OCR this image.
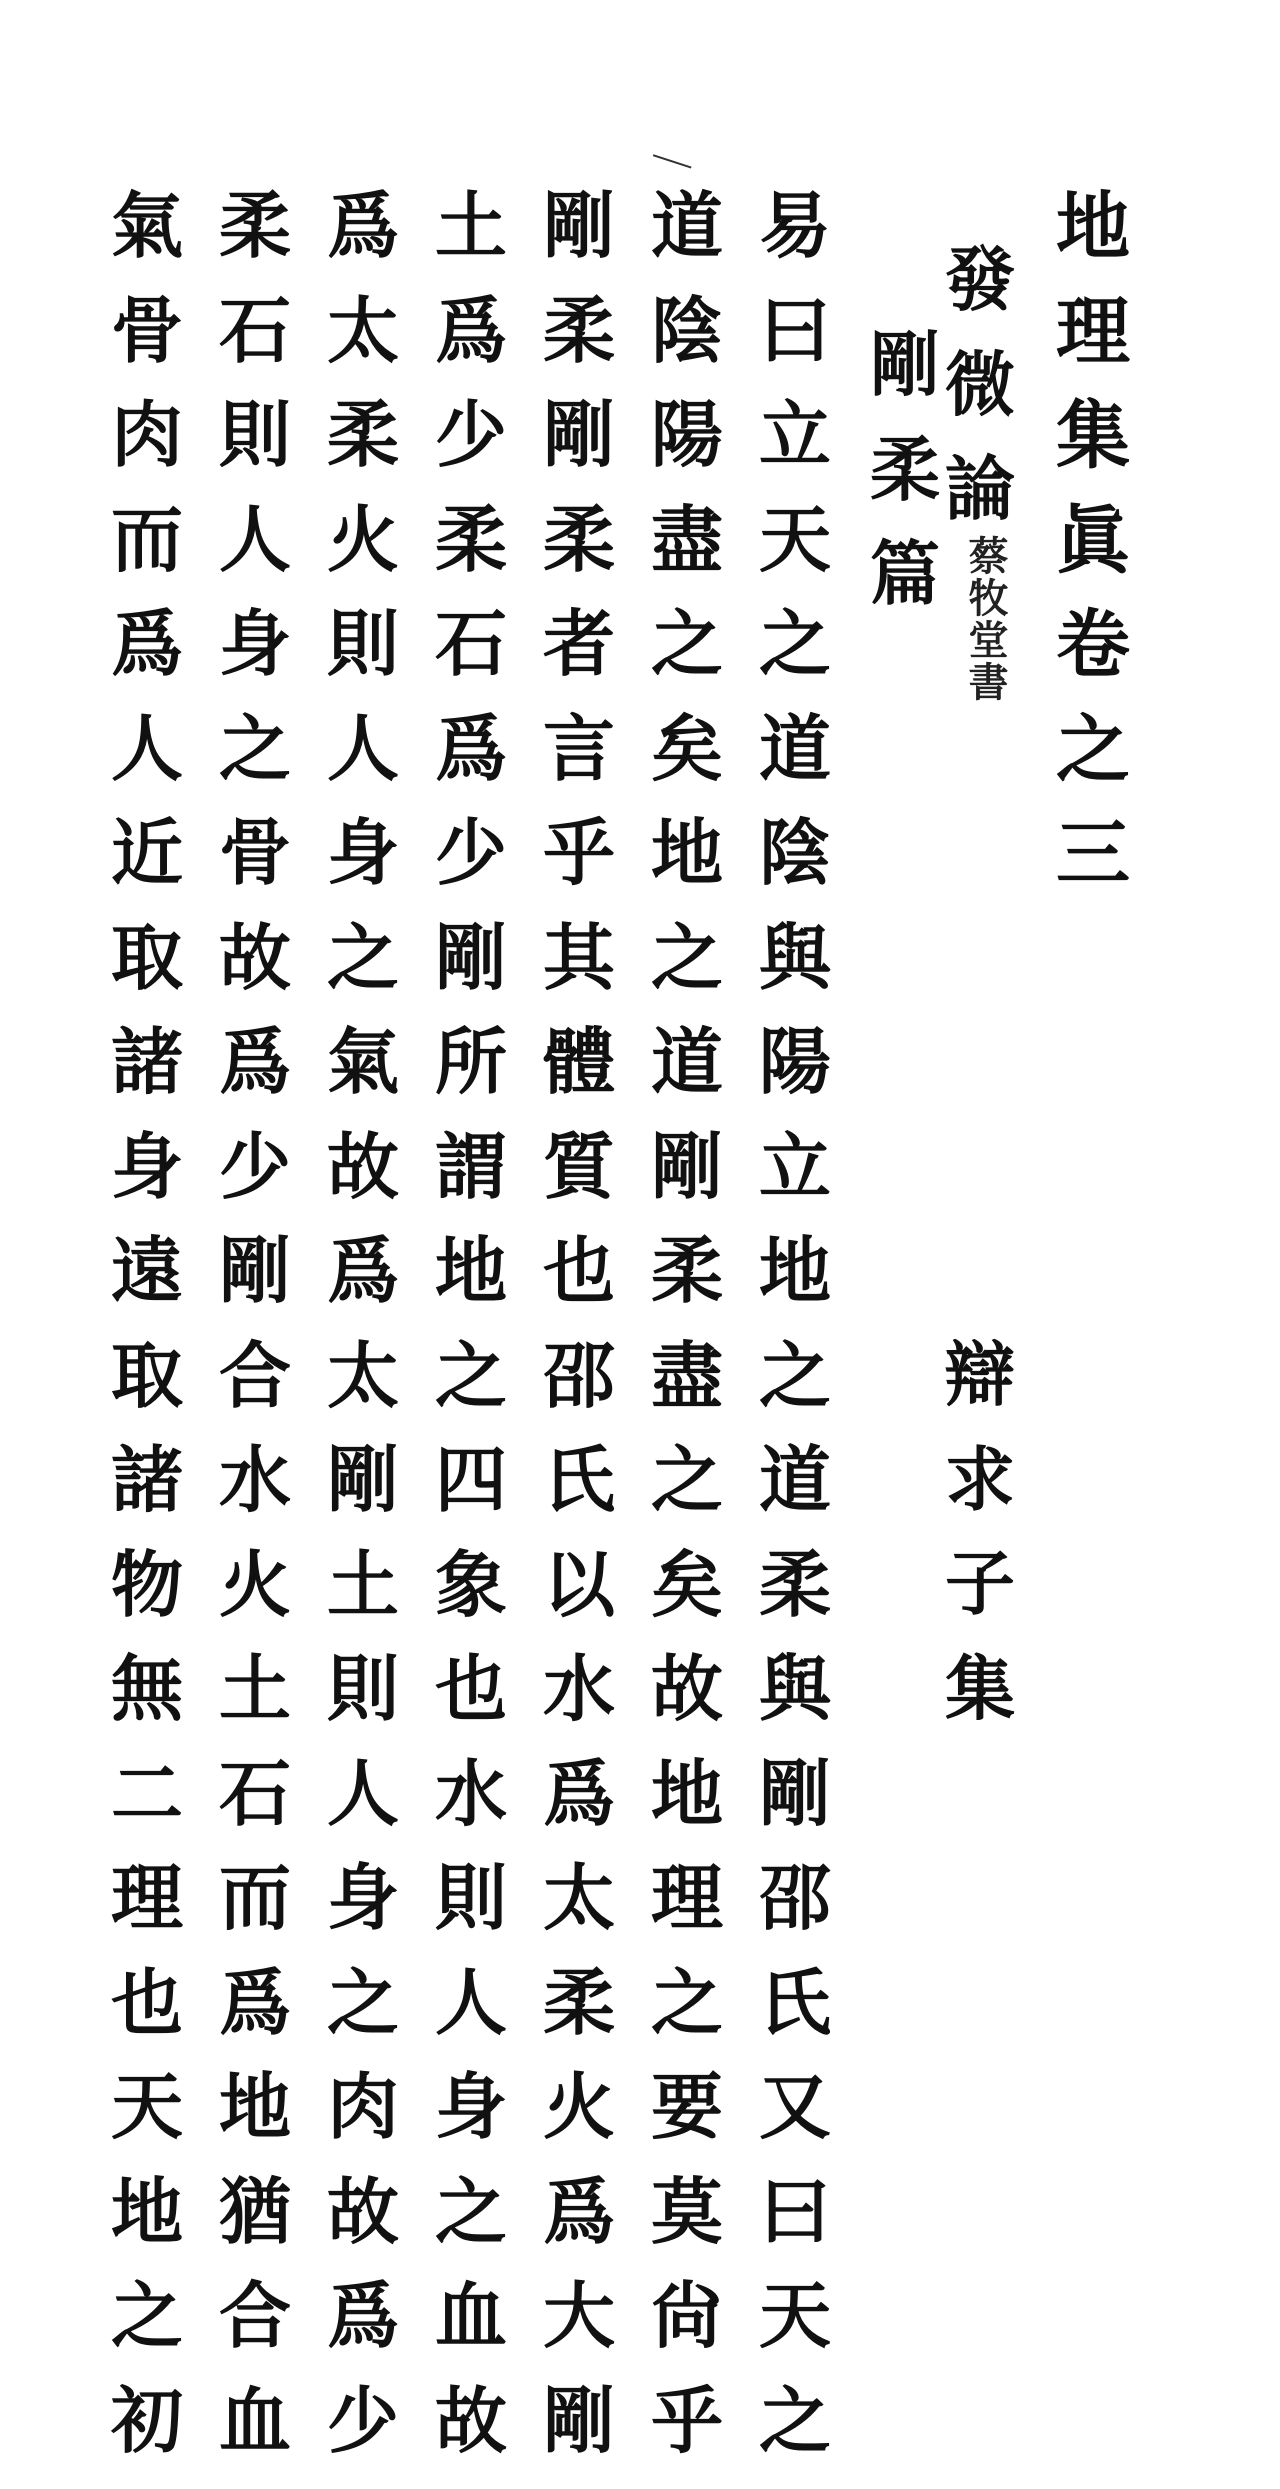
地
理
集
眞
卷
之
三
發
微
論
蔡牧堂書
辯
求
子
集
剛
柔
篇
易
曰
立
天
之
道
陰
與
陽
立
地
之
道
柔
與
剛
邵
氏
又
曰
天
之
道
陰
陽
盡
之
矣
地
之
道
剛
柔
盡
之
矣
故
地
理
之
要
莫
尙
乎
剛
柔
剛
柔
者
言
乎
其
體
質
也
邵
氏
以
水
爲
太
柔
火
爲
大
剛
土
爲
少
柔
石
爲
少
剛
所
謂
地
之
四
象
也
水
則
人
身
之
血
故
爲
太
柔
火
則
人
身
之
氣
故
爲
太
剛
土
則
人
身
之
肉
故
爲
少
柔
石
則
人
身
之
骨
故
爲
少
剛
合
水
火
土
石
而
爲
地
猶
合
血
氣
骨
肉
而
爲
人
近
取
諸
身
遠
取
諸
物
無
二
理
也
天
地
之
初
